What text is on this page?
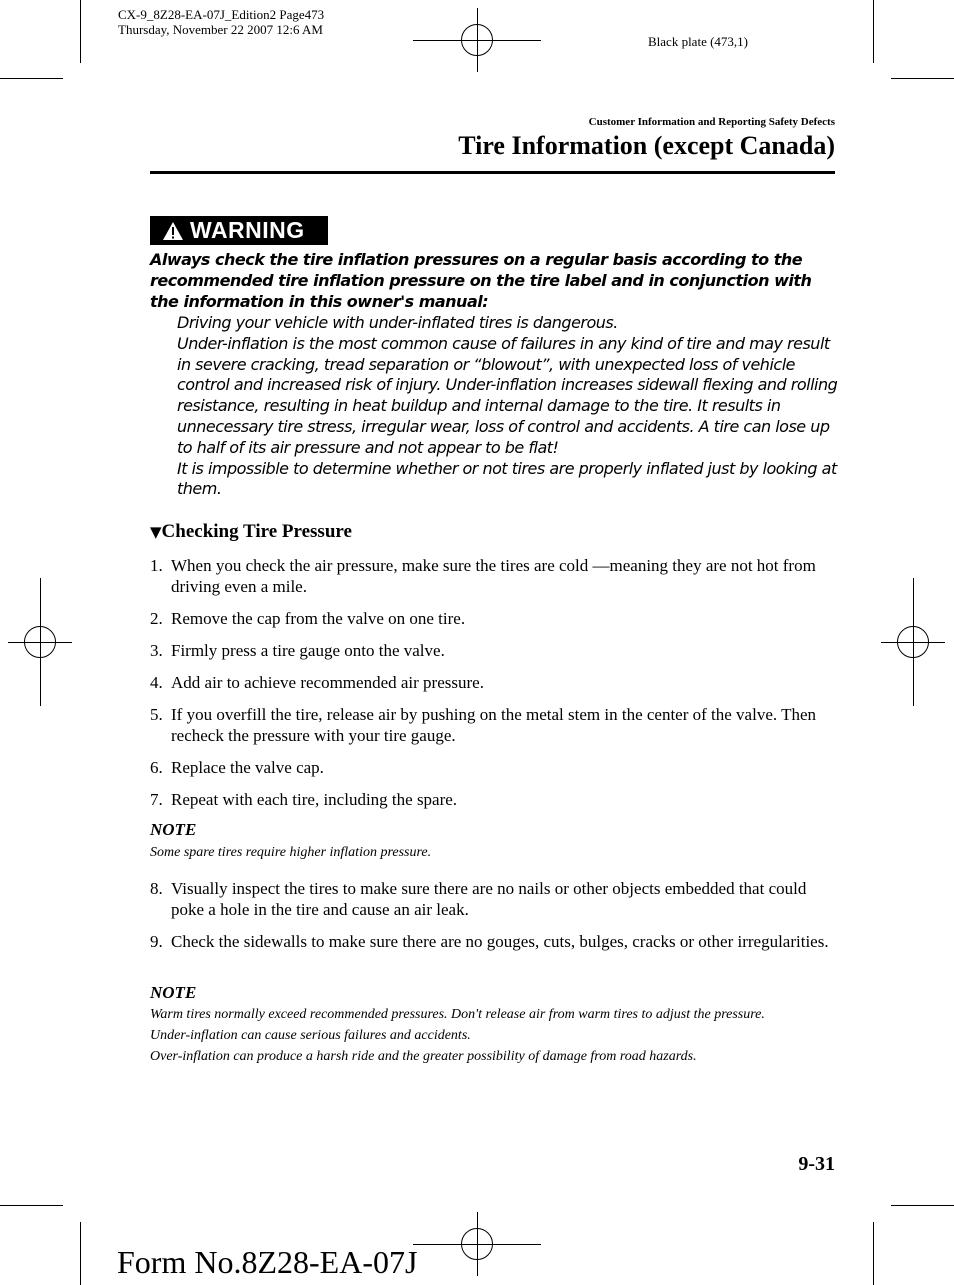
CX-9_8Z28-EA-07J_Edition2 Page473
Thursday, November 22 2007 12:6 AM
Black plate (473,1)
Customer Information and Reporting Safety Defects
Tire Information (except Canada)
WARNING
Always check the tire inflation pressures on a regular basis according to the recommended tire inflation pressure on the tire label and in conjunction with the information in this owner's manual:

Driving your vehicle with under-inflated tires is dangerous.

Under-inflation is the most common cause of failures in any kind of tire and may result in severe cracking, tread separation or “blowout”, with unexpected loss of vehicle control and increased risk of injury. Under-inflation increases sidewall flexing and rolling resistance, resulting in heat buildup and internal damage to the tire. It results in unnecessary tire stress, irregular wear, loss of control and accidents. A tire can lose up to half of its air pressure and not appear to be flat!

It is impossible to determine whether or not tires are properly inflated just by looking at them.

▼Checking Tire Pressure
1. When you check the air pressure, make sure the tires are cold ―meaning they are not hot from driving even a mile.
2. Remove the cap from the valve on one tire.
3. Firmly press a tire gauge onto the valve.
4. Add air to achieve recommended air pressure.
5. If you overfill the tire, release air by pushing on the metal stem in the center of the valve. Then recheck the pressure with your tire gauge.
6. Replace the valve cap.
7. Repeat with each tire, including the spare.
NOTE
Some spare tires require higher inflation pressure.
8. Visually inspect the tires to make sure there are no nails or other objects embedded that could poke a hole in the tire and cause an air leak.
9. Check the sidewalls to make sure there are no gouges, cuts, bulges, cracks or other irregularities.
NOTE
Warm tires normally exceed recommended pressures. Don't release air from warm tires to adjust the pressure.
Under-inflation can cause serious failures and accidents.
Over-inflation can produce a harsh ride and the greater possibility of damage from road hazards.
9-31
Form No.8Z28-EA-07J
